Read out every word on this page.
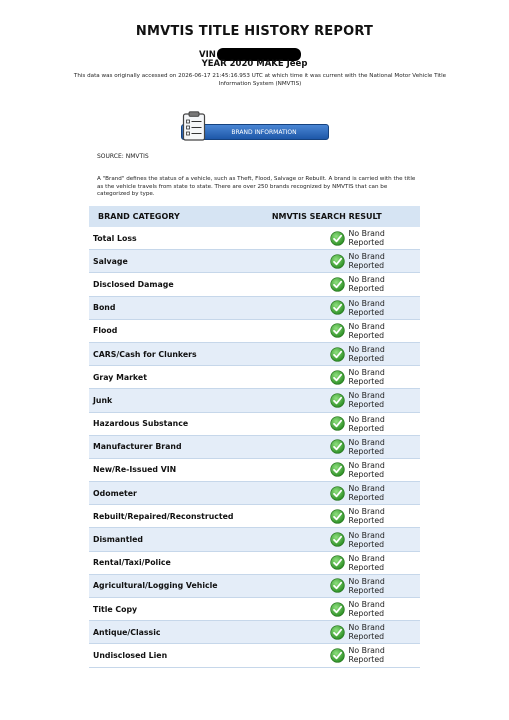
NMVTIS TITLE HISTORY REPORT
VIN
YEAR 2020 MAKE Jeep
This data was originally accessed on 2026-06-17 21:45:16.953 UTC at which time it was current with the National Motor Vehicle Title Information System (NMVTIS)
BRAND INFORMATION
SOURCE: NMVTIS
A "Brand" defines the status of a vehicle, such as Theft, Flood, Salvage or Rebuilt. A brand is carried with the title as the vehicle travels from state to state. There are over 250 brands recognized by NMVTIS that can be categorized by type.
BRAND CATEGORY	NMVTIS SEARCH RESULT
Total Loss	No Brand Reported

Salvage	No Brand Reported

Disclosed Damage	No Brand Reported

Bond	No Brand Reported

Flood	No Brand Reported

CARS/Cash for Clunkers	No Brand Reported

Gray Market	No Brand Reported

Junk	No Brand Reported

Hazardous Substance	No Brand Reported

Manufacturer Brand	No Brand Reported

New/Re-Issued VIN	No Brand Reported

Odometer	No Brand Reported

Rebuilt/Repaired/Reconstructed	No Brand Reported

Dismantled	No Brand Reported

Rental/Taxi/Police	No Brand Reported

Agricultural/Logging Vehicle	No Brand Reported

Title Copy	No Brand Reported

Antique/Classic	No Brand Reported

Undisclosed Lien	No Brand Reported
